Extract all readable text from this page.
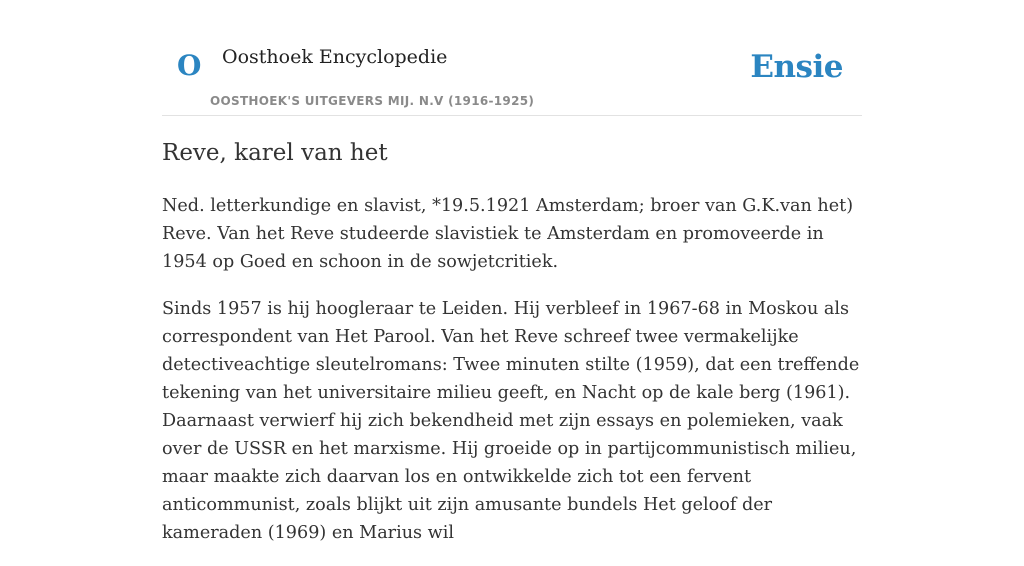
O Oosthoek Encyclopedie
OOSTHOEK'S UITGEVERS MIJ. N.V (1916-1925)
Ensie
Reve, karel van het

Ned. letterkundige en slavist, *19.5.1921 Amsterdam; broer van G.K.van het) Reve. Van het Reve studeerde slavistiek te Amsterdam en promoveerde in 1954 op Goed en schoon in de sowjetcritiek.

Sinds 1957 is hij hoogleraar te Leiden. Hij verbleef in 1967-68 in Moskou als correspondent van Het Parool. Van het Reve schreef twee vermakelijke detectiveachtige sleutelromans: Twee minuten stilte (1959), dat een treffende tekening van het universitaire milieu geeft, en Nacht op de kale berg (1961). Daarnaast verwierf hij zich bekendheid met zijn essays en polemieken, vaak over de USSR en het marxisme. Hij groeide op in partijcommunistisch milieu, maar maakte zich daarvan los en ontwikkelde zich tot een fervent anticommunist, zoals blijkt uit zijn amusante bundels Het geloof der kameraden (1969) en Marius wil
